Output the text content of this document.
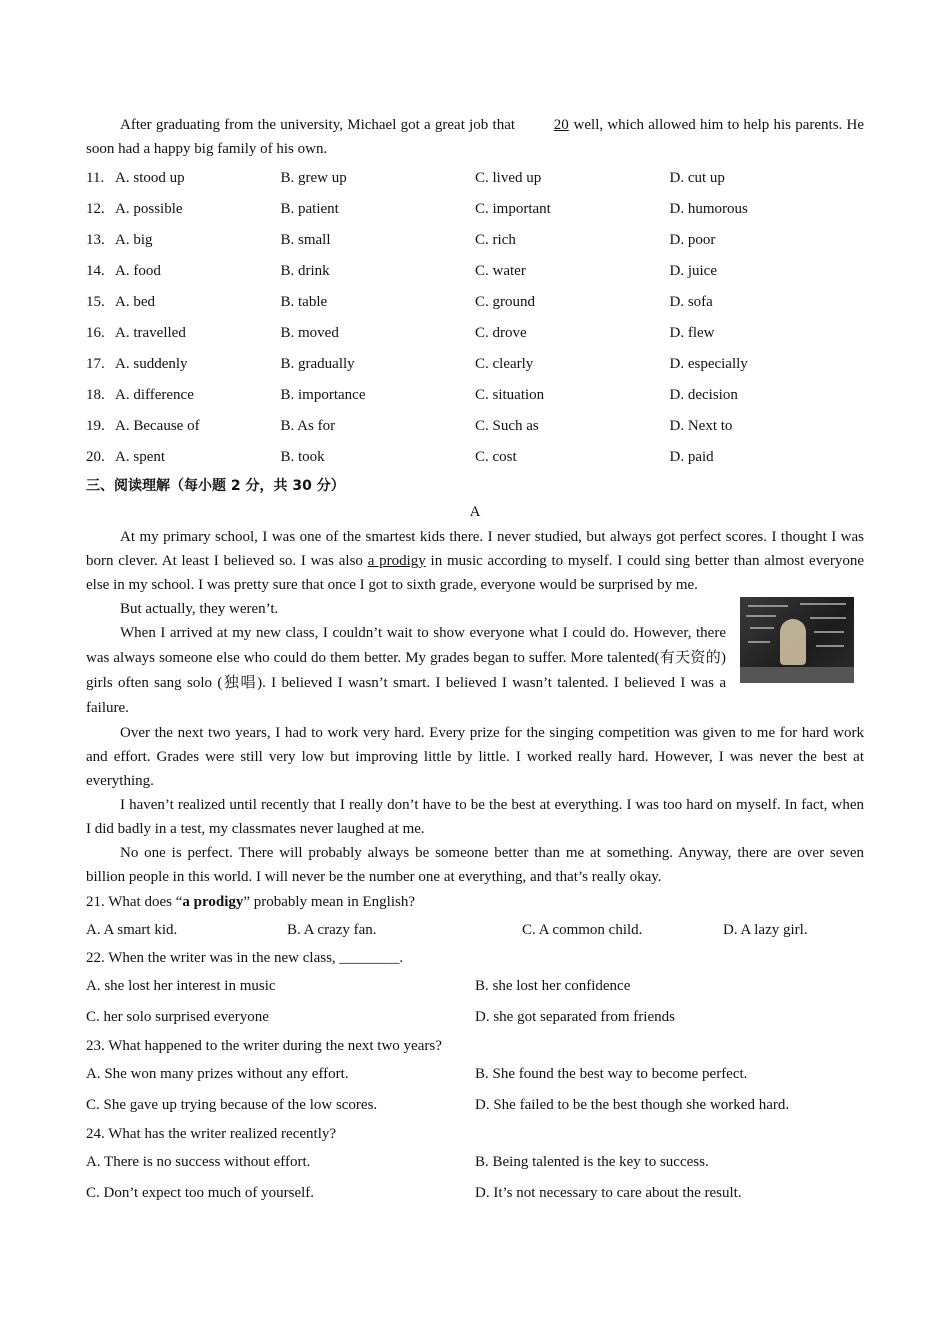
After graduating from the university, Michael got a great job that	20 well, which allowed him to help his parents. He soon had a happy big family of his own.

11. A. stood up	B. grew up	C. lived up	D. cut up
12. A. possible	B. patient	C. important	D. humorous
13. A. big	B. small	C. rich	D. poor
14. A. food	B. drink	C. water	D. juice
15. A. bed	B. table	C. ground	D. sofa
16. A. travelled	B. moved	C. drove	D. flew
17. A. suddenly	B. gradually	C. clearly	D. especially
18. A. difference	B. importance	C. situation	D. decision
19. A. Because of	B. As for	C. Such as	D. Next to
20. A. spent	B. took	C. cost	D. paid
三、阅读理解（每小题 2 分，共 30 分）
A

At my primary school, I was one of the smartest kids there. I never studied, but always got perfect scores. I thought I was born clever. At least I believed so. I was also a prodigy in music according to myself. I could sing better than almost everyone else in my school. I was pretty sure that once I got to sixth grade, everyone would be surprised by me.

But actually, they weren’t.

When I arrived at my new class, I couldn’t wait to show everyone what I could do. However, there was always someone else who could do them better. My grades began to suffer. More talented(有天资的) girls often sang solo (独唱). I believed I wasn’t smart. I believed I wasn’t talented. I believed I was a failure.

Over the next two years, I had to work very hard. Every prize for the singing competition was given to me for hard work and effort. Grades were still very low but improving little by little. I worked really hard. However, I was never the best at everything.

I haven’t realized until recently that I really don’t have to be the best at everything. I was too hard on myself. In fact, when I did badly in a test, my classmates never laughed at me.

No one is perfect. There will probably always be someone better than me at something. Anyway, there are over seven billion people in this world. I will never be the number one at everything, and that’s really okay.

21. What does “a prodigy” probably mean in English?
A. A smart kid.	B. A crazy fan.	C. A common child.	D. A lazy girl.
22. When the writer was in the new class, ________.
A. she lost her interest in music	B. she lost her confidence
C. her solo surprised everyone	D. she got separated from friends
23. What happened to the writer during the next two years?
A. She won many prizes without any effort.	B. She found the best way to become perfect.
C. She gave up trying because of the low scores.	D. She failed to be the best though she worked hard.
24. What has the writer realized recently?
A. There is no success without effort.	B. Being talented is the key to success.
C. Don’t expect too much of yourself.	D. It’s not necessary to care about the result.
